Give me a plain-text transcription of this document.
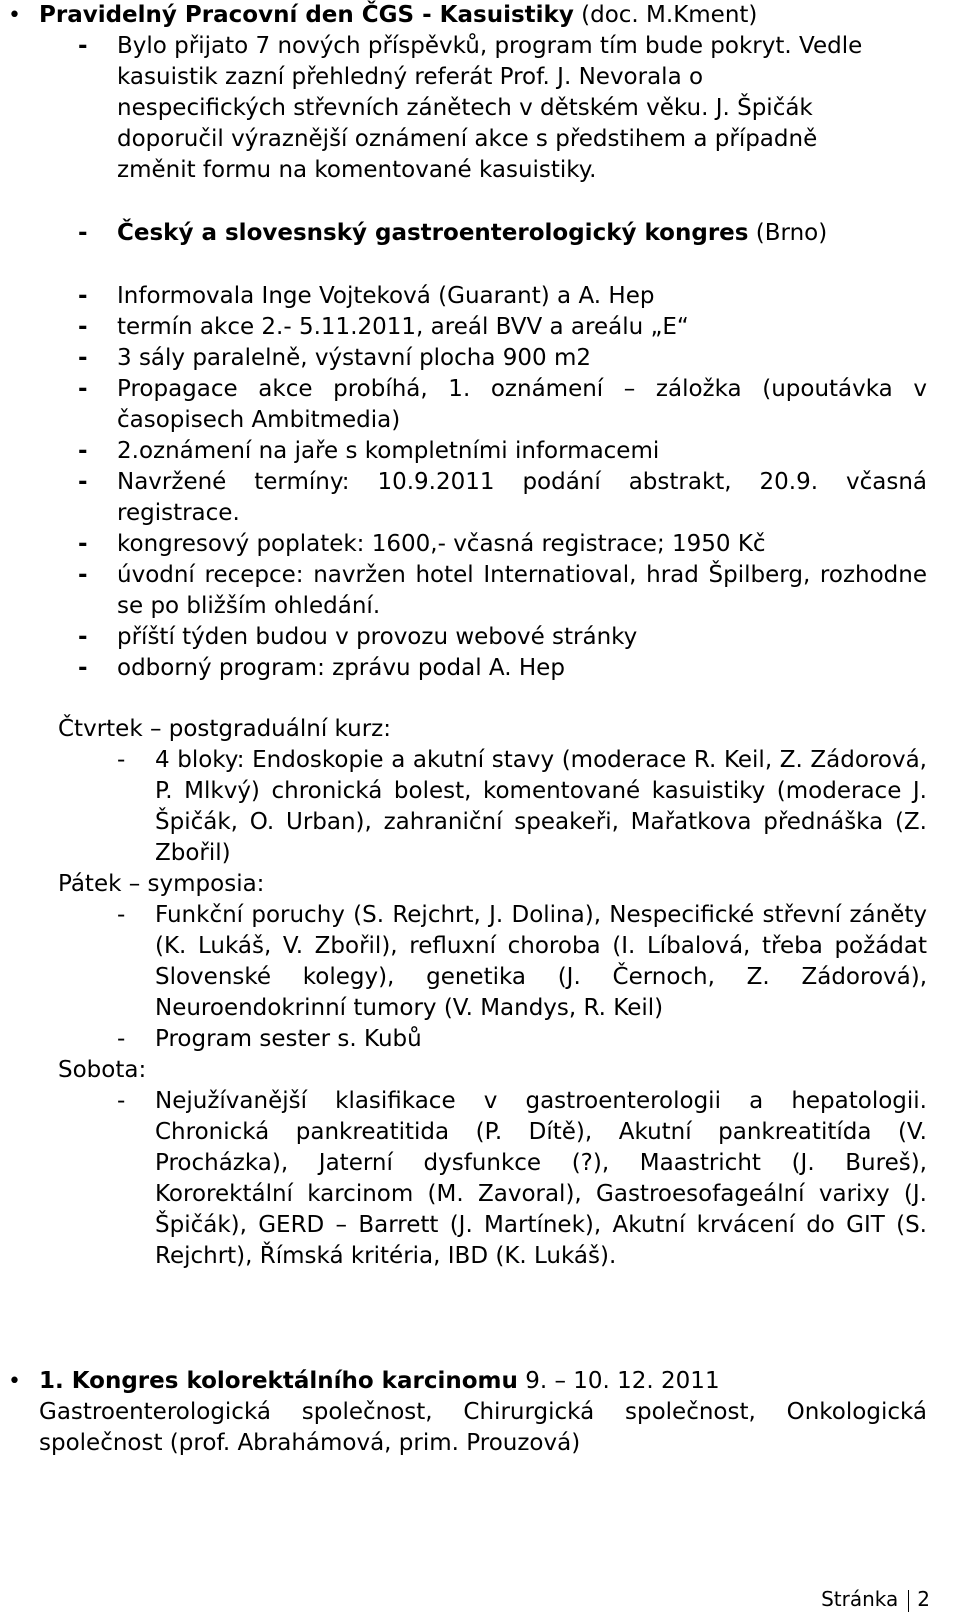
• Pravidelný Pracovní den ČGS - Kasuistiky (doc. M.Kment)

- Bylo přijato 7 nových příspěvků, program tím bude pokryt. Vedle kasuistik zazní přehledný referát Prof. J. Nevorala o nespecifických střevních zánětech v dětském věku. J. Špičák doporučil výraznější oznámení akce s předstihem a případně změnit formu na komentované kasuistiky.

- Český a slovesnský gastroenterologický kongres (Brno)

- Informovala Inge Vojteková (Guarant) a A. Hep

- termín akce 2.- 5.11.2011, areál BVV a areálu „E“

- 3 sály paralelně, výstavní plocha 900 m2

- Propagace akce probíhá, 1. oznámení – záložka (upoutávka v časopisech Ambitmedia)

- 2.oznámení na jaře s kompletními informacemi

- Navržené termíny: 10.9.2011 podání abstrakt, 20.9. včasná registrace.

- kongresový poplatek: 1600,- včasná registrace; 1950 Kč

- úvodní recepce: navržen hotel Internatioval, hrad Špilberg, rozhodne se po bližším ohledání.

- příští týden budou v provozu webové stránky

- odborný program: zprávu podal A. Hep

Čtvrtek – postgraduální kurz:

- 4 bloky: Endoskopie a akutní stavy (moderace R. Keil, Z. Zádorová, P. Mlkvý) chronická bolest, komentované kasuistiky (moderace J. Špičák, O. Urban), zahraniční speakeři, Mařatkova přednáška (Z. Zbořil)

Pátek – symposia:

- Funkční poruchy (S. Rejchrt, J. Dolina), Nespecifické střevní záněty (K. Lukáš, V. Zbořil), refluxní choroba (I. Líbalová, třeba požádat Slovenské kolegy), genetika (J. Černoch, Z. Zádorová), Neuroendokrinní tumory (V. Mandys, R. Keil)

- Program sester s. Kubů

Sobota:

- Nejužívanější klasifikace v gastroenterologii a hepatologii. Chronická pankreatitida (P. Dítě), Akutní pankreatitída (V. Procházka), Jaterní dysfunkce (?), Maastricht (J. Bureš), Kororektální karcinom (M. Zavoral), Gastroesofageální varixy (J. Špičák), GERD – Barrett (J. Martínek), Akutní krvácení do GIT (S. Rejchrt), Římská kritéria, IBD (K. Lukáš).

• 1. Kongres kolorektálního karcinomu 9. – 10. 12. 2011

Gastroenterologická společnost, Chirurgická společnost, Onkologická společnost (prof. Abrahámová, prim. Prouzová)

Stránka 2
